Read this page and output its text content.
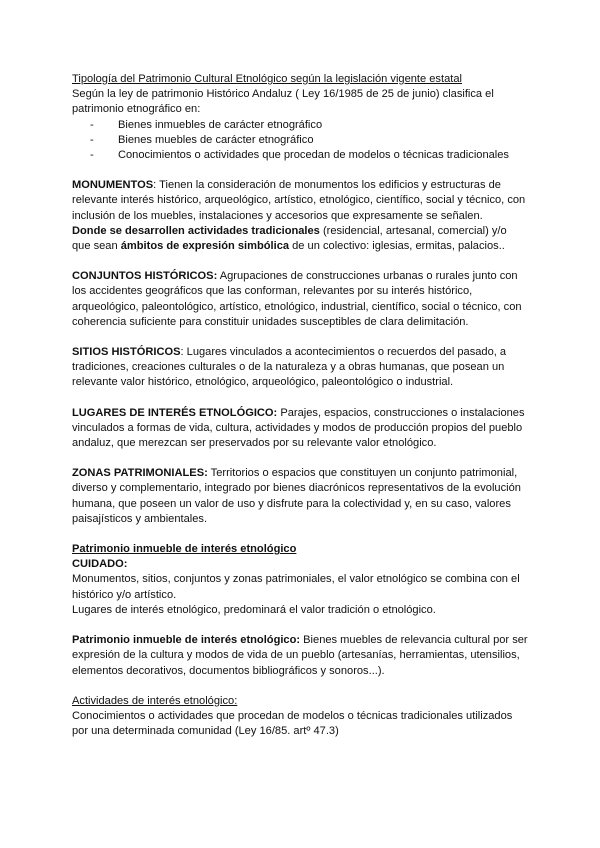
Tipología del Patrimonio Cultural Etnológico según la legislación vigente estatal

Según la ley de patrimonio Histórico Andaluz ( Ley 16/1985 de 25 de junio) clasifica el patrimonio etnográfico en:

- Bienes inmuebles de carácter etnográfico
- Bienes muebles de carácter etnográfico
- Conocimientos o actividades que procedan de modelos o técnicas tradicionales

MONUMENTOS: Tienen la consideración de monumentos los edificios y estructuras de relevante interés histórico, arqueológico, artístico, etnológico, científico, social y técnico, con inclusión de los muebles, instalaciones y accesorios que expresamente se señalen.

Donde se desarrollen actividades tradicionales (residencial, artesanal, comercial) y/o que sean ámbitos de expresión simbólica de un colectivo: iglesias, ermitas, palacios..

CONJUNTOS HISTÓRICOS: Agrupaciones de construcciones urbanas o rurales junto con los accidentes geográficos que las conforman, relevantes por su interés histórico, arqueológico, paleontológico, artístico, etnológico, industrial, científico, social o técnico, con coherencia suficiente para constituir unidades susceptibles de clara delimitación.

SITIOS HISTÓRICOS: Lugares vinculados a acontecimientos o recuerdos del pasado, a tradiciones, creaciones culturales o de la naturaleza y a obras humanas, que posean un relevante valor histórico, etnológico, arqueológico, paleontológico o industrial.

LUGARES DE INTERÉS ETNOLÓGICO: Parajes, espacios, construcciones o instalaciones vinculados a formas de vida, cultura, actividades y modos de producción propios del pueblo andaluz, que merezcan ser preservados por su relevante valor etnológico.

ZONAS PATRIMONIALES: Territorios o espacios que constituyen un conjunto patrimonial, diverso y complementario, integrado por bienes diacrónicos representativos de la evolución humana, que poseen un valor de uso y disfrute para la colectividad y, en su caso, valores paisajísticos y ambientales.

Patrimonio inmueble de interés etnológico

CUIDADO:

Monumentos, sitios, conjuntos y zonas patrimoniales, el valor etnológico se combina con el histórico y/o artístico.

Lugares de interés etnológico, predominará el valor tradición o etnológico.

Patrimonio inmueble de interés etnológico: Bienes muebles de relevancia cultural por ser expresión de la cultura y modos de vida de un pueblo (artesanías, herramientas, utensilios, elementos decorativos, documentos bibliográficos y sonoros...).

Actividades de interés etnológico:

Conocimientos o actividades que procedan de modelos o técnicas tradicionales utilizados por una determinada comunidad (Ley 16/85. artº 47.3)
